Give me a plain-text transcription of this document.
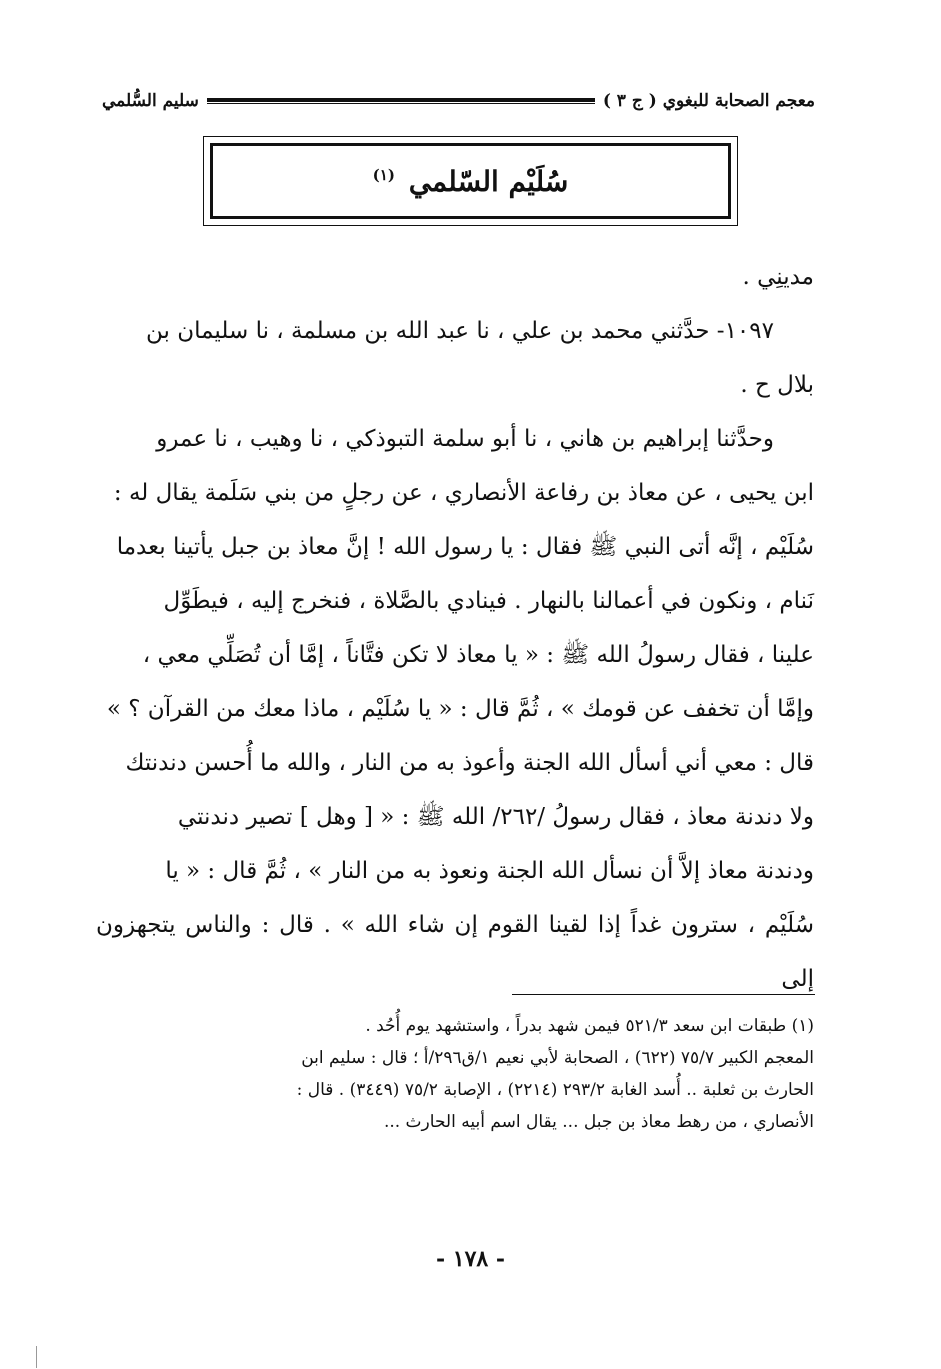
معجم الصحابة للبغوي ( ج ٣ )
سليم السُّلمي
سُلَيْم السّلمي $^{(١)}$

مدينِي .

١٠٩٧- حدَّثني محمد بن علي ، نا عبد الله بن مسلمة ، نا سليمان بن

بلال ح .

وحدَّثنا إبراهيم بن هاني ، نا أبو سلمة التبوذكي ، نا وهيب ، نا عمرو

ابن يحيى ، عن معاذ بن رفاعة الأنصاري ، عن رجلٍ من بني سَلَمة يقال له :

سُلَيْم ، إنَّه أتى النبي ﷺ فقال : يا رسول الله ! إنَّ معاذ بن جبل يأتينا بعدما

نَنام ، ونكون في أعمالنا بالنهار . فينادي بالصَّلاة ، فنخرج إليه ، فيطَوِّل

علينا ، فقال رسولُ الله ﷺ : « يا معاذ لا تكن فتَّاناً ، إمَّا أن تُصَلِّي معي ،

وإمَّا أن تخفف عن قومك » ، ثُمَّ قال : « يا سُلَيْم ، ماذا معك من القرآن ؟ »

قال : معي أني أسأل الله الجنة وأعوذ به من النار ، والله ما أُحسن دندنتك

ولا دندنة معاذ ، فقال رسولُ /٢٦٢/ الله ﷺ : « [ وهل ] تصير دندنتي

ودندنة معاذ إلاَّ أن نسأل الله الجنة ونعوذ به من النار » ، ثُمَّ قال : « يا

سُلَيْم ، سترون غداً إذا لقينا القوم إن شاء الله » . قال : والناس يتجهزون إلى

(١) طبقات ابن سعد ٥٢١/٣ فيمن شهد بدراً ، واستشهد يوم أُحُد .

المعجم الكبير ٧٥/٧ (٦٢٢) ، الصحابة لأبي نعيم ١/ق٢٩٦/أ ؛ قال : سليم ابن

الحارث بن ثعلبة .. أُسد الغابة ٢٩٣/٢ (٢٢١٤) ، الإصابة ٧٥/٢ (٣٤٤٩) . قال :

الأنصاري ، من رهط معاذ بن جبل ... يقال اسم أبيه الحارث ...

- ١٧٨ -
